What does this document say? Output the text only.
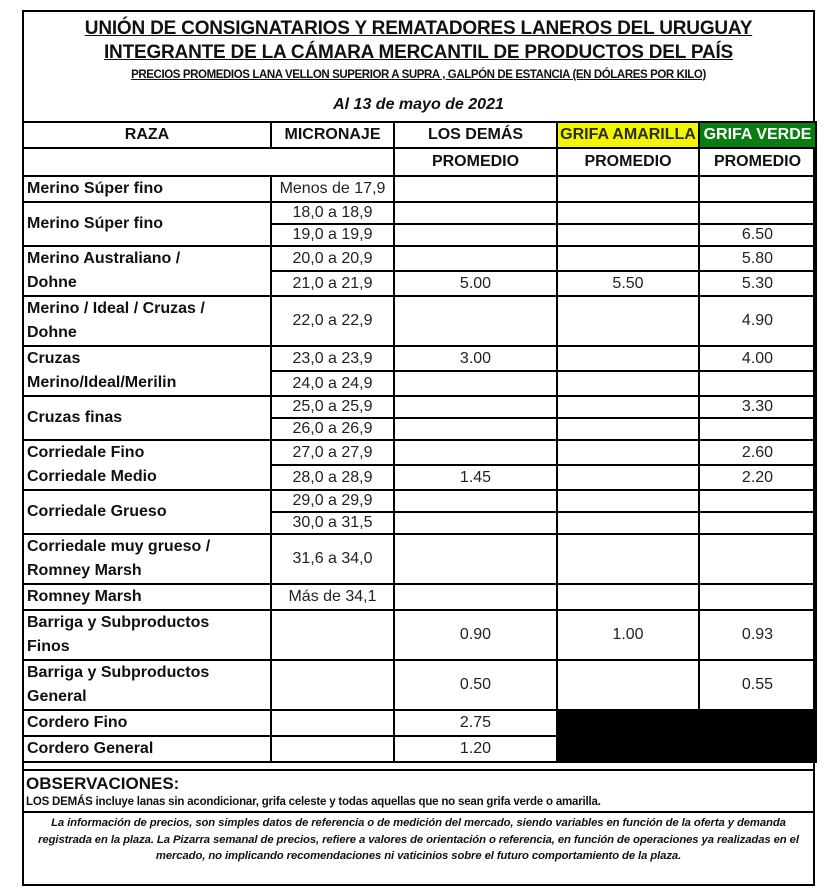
UNIÓN DE CONSIGNATARIOS Y REMATADORES LANEROS DEL URUGUAY
INTEGRANTE DE LA CÁMARA MERCANTIL DE PRODUCTOS DEL PAÍS
PRECIOS PROMEDIOS LANA VELLON SUPERIOR A SUPRA , GALPÓN DE ESTANCIA (EN DÓLARES POR KILO)
Al 13 de mayo de 2021
RAZA	MICRONAJE	LOS DEMÁS	GRIFA AMARILLA	GRIFA VERDE
		PROMEDIO	PROMEDIO	PROMEDIO
Merino Súper fino	Menos de 17,9			
Merino Súper fino	18,0 a 18,9			
	19,0 a 19,9			6.50
Merino Australiano /	20,0 a 20,9			5.80
Dohne	21,0 a 21,9	5.00	5.50	5.30

Merino / Ideal / Cruzas /
Dohne	22,0 a 22,9			4.90
Cruzas	23,0 a 23,9	3.00		4.00
Merino/Ideal/Merilin	24,0 a 24,9			
Cruzas finas	25,0 a 25,9			3.30
	26,0 a 26,9			
Corriedale Fino	27,0 a 27,9			2.60
Corriedale Medio	28,0 a 28,9	1.45		2.20
Corriedale Grueso	29,0 a 29,9			
	30,0 a 31,5			

Corriedale muy grueso /
Romney Marsh	31,6 a 34,0			
Romney Marsh	Más de 34,1			

Barriga y Subproductos
Finos		0.90	1.00	0.93

Barriga y Subproductos
General		0.50		0.55
Cordero Fino		2.75		
Cordero General		1.20		
OBSERVACIONES:
LOS DEMÁS incluye lanas sin acondicionar, grifa celeste y todas aquellas que no sean grifa verde o amarilla.
La información de precios, son simples datos de referencia o de medición del mercado, siendo variables en función de la oferta y demanda registrada en la plaza. La Pizarra semanal de precios, refiere a valores de orientación o referencia, en función de operaciones ya realizadas en el mercado, no implicando recomendaciones ni vaticinios sobre el futuro comportamiento de la plaza.
